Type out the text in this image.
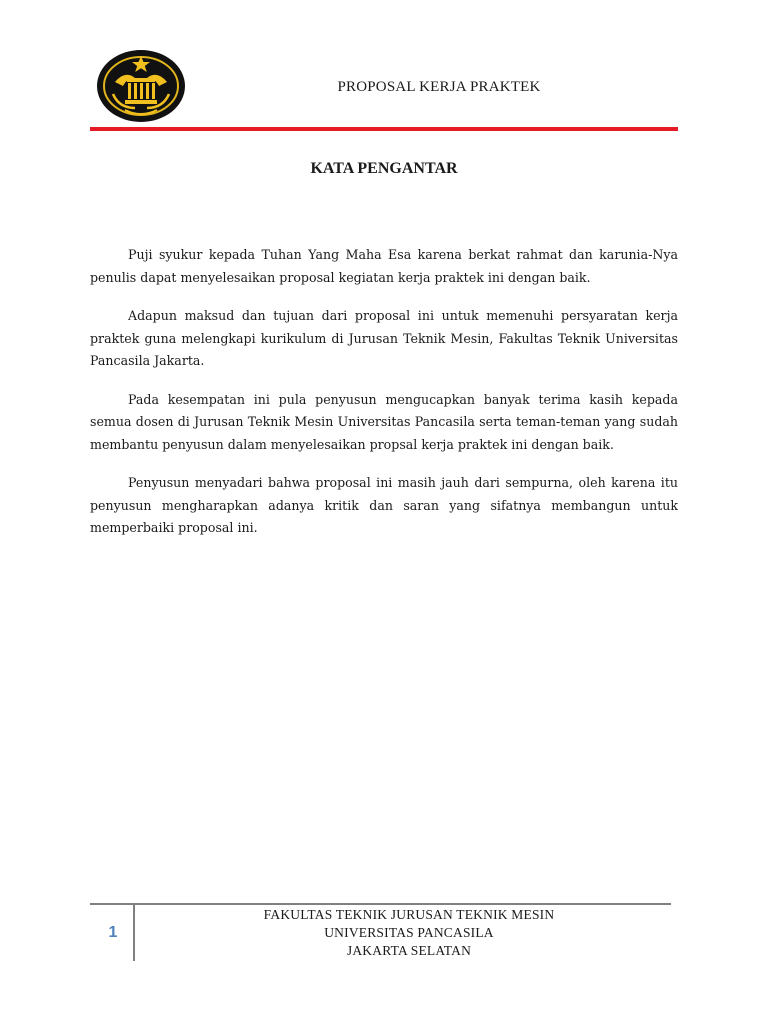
PROPOSAL KERJA PRAKTEK
KATA PENGANTAR

Puji syukur kepada Tuhan Yang Maha Esa karena berkat rahmat dan karunia-Nya penulis dapat menyelesaikan proposal kegiatan kerja praktek ini dengan baik.

Adapun maksud dan tujuan dari proposal ini untuk memenuhi persyaratan kerja praktek guna melengkapi kurikulum di Jurusan Teknik Mesin, Fakultas Teknik Universitas Pancasila Jakarta.

Pada kesempatan ini pula penyusun mengucapkan banyak terima kasih kepada semua dosen di Jurusan Teknik Mesin Universitas Pancasila serta teman-teman yang sudah membantu penyusun dalam menyelesaikan propsal kerja praktek ini dengan baik.

Penyusun menyadari bahwa proposal ini masih jauh dari sempurna, oleh karena itu penyusun mengharapkan adanya kritik dan saran yang sifatnya membangun untuk memperbaiki proposal ini.

1
FAKULTAS TEKNIK JURUSAN TEKNIK MESIN
UNIVERSITAS PANCASILA
JAKARTA SELATAN
